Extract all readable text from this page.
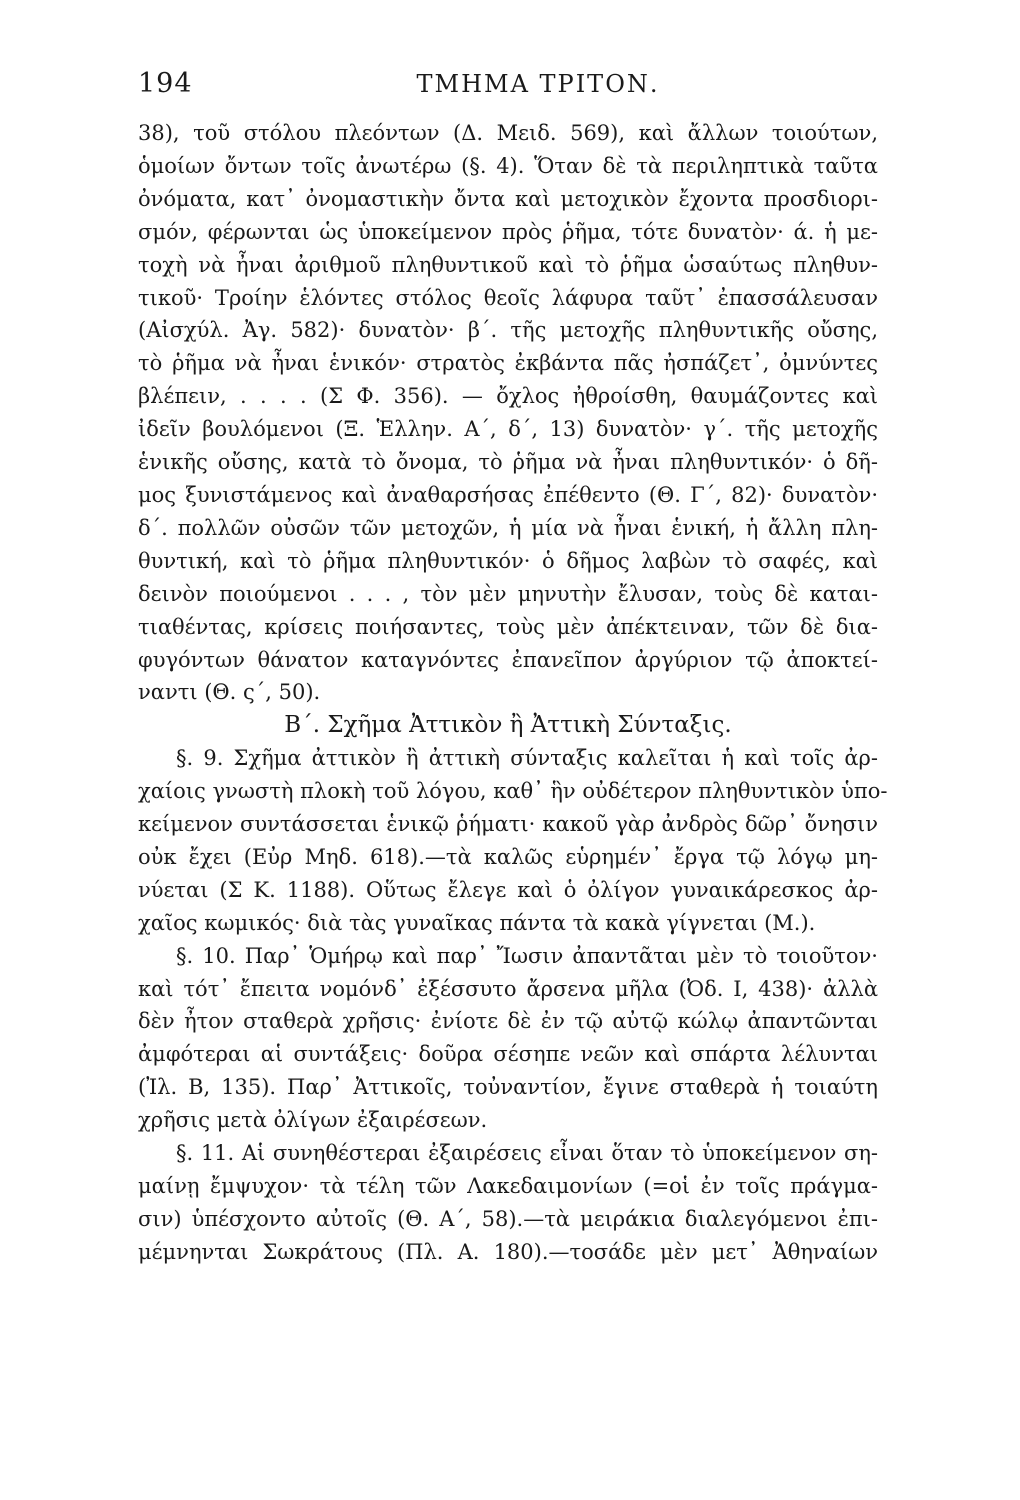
194	ΤΜΗΜΑ ΤΡΙΤΟΝ.
38), τοῦ στόλου πλεόντων (Δ. Μειδ. 569), καὶ ἄλλων τοιούτων,
ὁμοίων ὄντων τοῖς ἀνωτέρω (§. 4). Ὅταν δὲ τὰ περιληπτικὰ ταῦτα
ὀνόματα, κατ᾽ ὀνομαστικὴν ὄντα καὶ μετοχικὸν ἔχοντα προσδιορι-
σμόν, φέρωνται ὡς ὑποκείμενον πρὸς ῥῆμα, τότε δυνατὸν· ά. ἡ με-
τοχὴ νὰ ἦναι ἀριθμοῦ πληθυντικοῦ καὶ τὸ ῥῆμα ὡσαύτως πληθυν-
τικοῦ· Τροίην ἑλόντες στόλος θεοῖς λάφυρα ταῦτ᾽ ἐπασσάλευσαν
(Αἰσχύλ. Ἀγ. 582)· δυνατὸν· β΄. τῆς μετοχῆς πληθυντικῆς οὔσης,
τὸ ῥῆμα νὰ ἦναι ἑνικόν· στρατὸς ἐκβάντα πᾶς ἠσπάζετ᾽, ὀμνύντες
βλέπειν, . . . . (Σ Φ. 356). — ὄχλος ἠθροίσθη, θαυμάζοντες καὶ
ἰδεῖν βουλόμενοι (Ξ. Ἑλλην. Α΄, δ΄, 13) δυνατὸν· γ΄. τῆς μετοχῆς
ἑνικῆς οὔσης, κατὰ τὸ ὄνομα, τὸ ῥῆμα νὰ ἦναι πληθυντικόν· ὁ δῆ-
μος ξυνιστάμενος καὶ ἀναθαρσήσας ἐπέθεντο (Θ. Γ΄, 82)· δυνατὸν·
δ΄. πολλῶν οὐσῶν τῶν μετοχῶν, ἡ μία νὰ ἦναι ἑνική, ἡ ἄλλη πλη-
θυντική, καὶ τὸ ῥῆμα πληθυντικόν· ὁ δῆμος λαβὼν τὸ σαφές, καὶ
δεινὸν ποιούμενοι . . . , τὸν μὲν μηνυτὴν ἔλυσαν, τοὺς δὲ καται-
τιαθέντας, κρίσεις ποιήσαντες, τοὺς μὲν ἀπέκτειναν, τῶν δὲ δια-
φυγόντων θάνατον καταγνόντες ἐπανεῖπον ἀργύριον τῷ ἀποκτεί-
ναντι (Θ. ς΄, 50).
Β΄. Σχῆμα Ἀττικὸν ἢ Ἀττικὴ Σύνταξις.
§. 9. Σχῆμα ἀττικὸν ἢ ἀττικὴ σύνταξις καλεῖται ἡ καὶ τοῖς ἀρ-
χαίοις γνωστὴ πλοκὴ τοῦ λόγου, καθ᾽ ἣν οὐδέτερον πληθυντικὸν ὑπο-
κείμενον συντάσσεται ἑνικῷ ῥήματι· κακοῦ γὰρ ἀνδρὸς δῶρ᾽ ὄνησιν
οὐκ ἔχει (Εὐρ Μηδ. 618).—τὰ καλῶς εὑρημέν᾽ ἔργα τῷ λόγῳ μη-
νύεται (Σ Κ. 1188). Οὕτως ἔλεγε καὶ ὁ ὀλίγον γυναικάρεσκος ἀρ-
χαῖος κωμικός· διὰ τὰς γυναῖκας πάντα τὰ κακὰ γίγνεται (Μ.).
§. 10. Παρ᾽ Ὁμήρῳ καὶ παρ᾽ Ἴωσιν ἀπαντᾶται μὲν τὸ τοιοῦτον·
καὶ τότ᾽ ἔπειτα νομόνδ᾽ ἐξέσσυτο ἄρσενα μῆλα (Ὀδ. Ι, 438)· ἀλλὰ
δὲν ἦτον σταθερὰ χρῆσις· ἐνίοτε δὲ ἐν τῷ αὐτῷ κώλῳ ἀπαντῶνται
ἀμφότεραι αἱ συντάξεις· δοῦρα σέσηπε νεῶν καὶ σπάρτα λέλυνται
(Ἰλ. Β, 135). Παρ᾽ Ἀττικοῖς, τοὐναντίον, ἔγινε σταθερὰ ἡ τοιαύτη
χρῆσις μετὰ ὀλίγων ἐξαιρέσεων.
§. 11. Αἱ συνηθέστεραι ἐξαιρέσεις εἶναι ὅταν τὸ ὑποκείμενον ση-
μαίνῃ ἔμψυχον· τὰ τέλη τῶν Λακεδαιμονίων (=οἱ ἐν τοῖς πράγμα-
σιν) ὑπέσχοντο αὐτοῖς (Θ. Α΄, 58).—τὰ μειράκια διαλεγόμενοι ἐπι-
μέμνηνται Σωκράτους (Πλ. Α. 180).—τοσάδε μὲν μετ᾽ Ἀθηναίων
